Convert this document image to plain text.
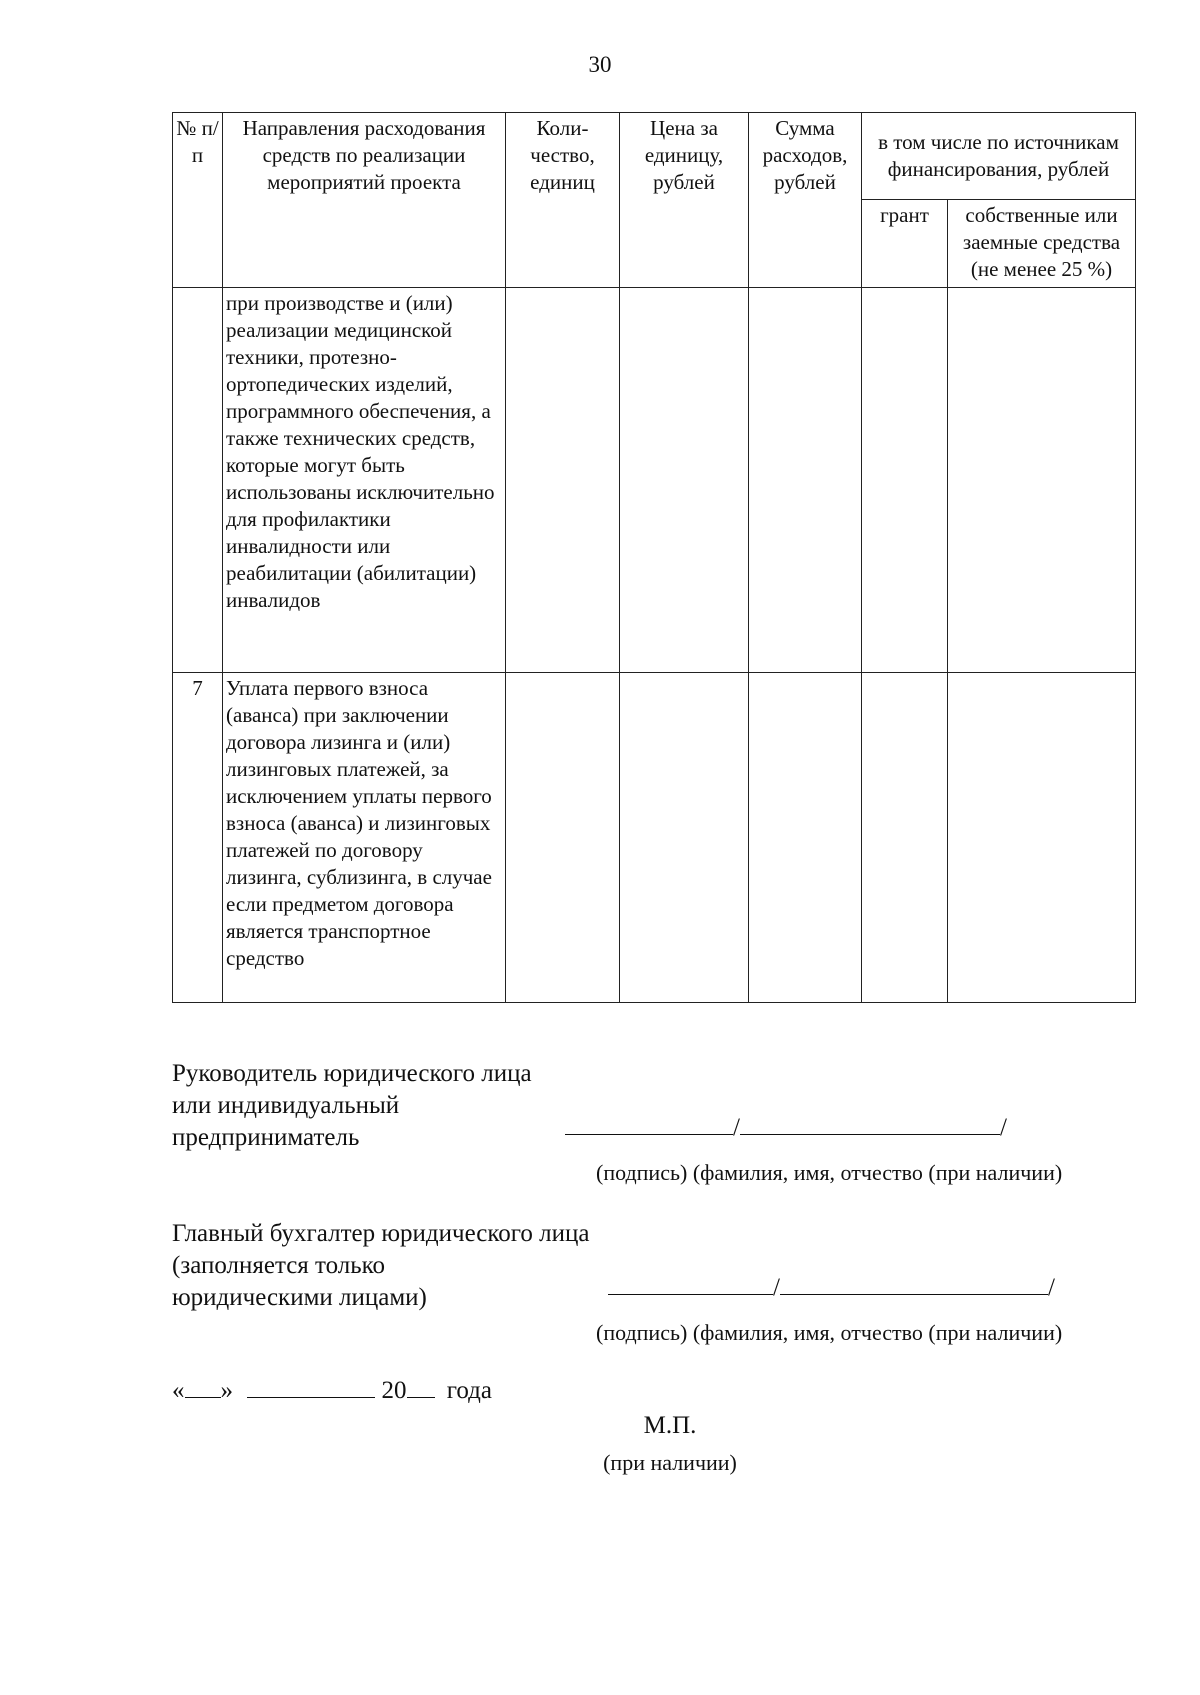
30
№ п/п	Направления расходования средств по реализации мероприятий проекта	Коли-чество, единиц	Цена за единицу, рублей	Сумма расходов, рублей	в том числе по источникам финансирования, рублей	
					грант	собственные или заемные средства (не менее 25 %)
	при производстве и (или) реализации медицинской техники, протезно-ортопедических изделий, программного обеспечения, а также технических средств, которые могут быть использованы исключительно для профилактики инвалидности или реабилитации (абилитации) инвалидов					
7	Уплата первого взноса (аванса) при заключении договора лизинга и (или) лизинговых платежей, за исключением уплаты первого взноса (аванса) и лизинговых платежей по договору лизинга, сублизинга, в случае если предметом договора является транспортное средство					
Руководитель юридического лица
или индивидуальный
предприниматель	/	/
(подпись) (фамилия, имя, отчество (при наличии)
Главный бухгалтер юридического лица
(заполняется только
юридическими лицами)	/	/
(подпись) (фамилия, имя, отчество (при наличии)
« »	20 года
М.П.
(при наличии)
